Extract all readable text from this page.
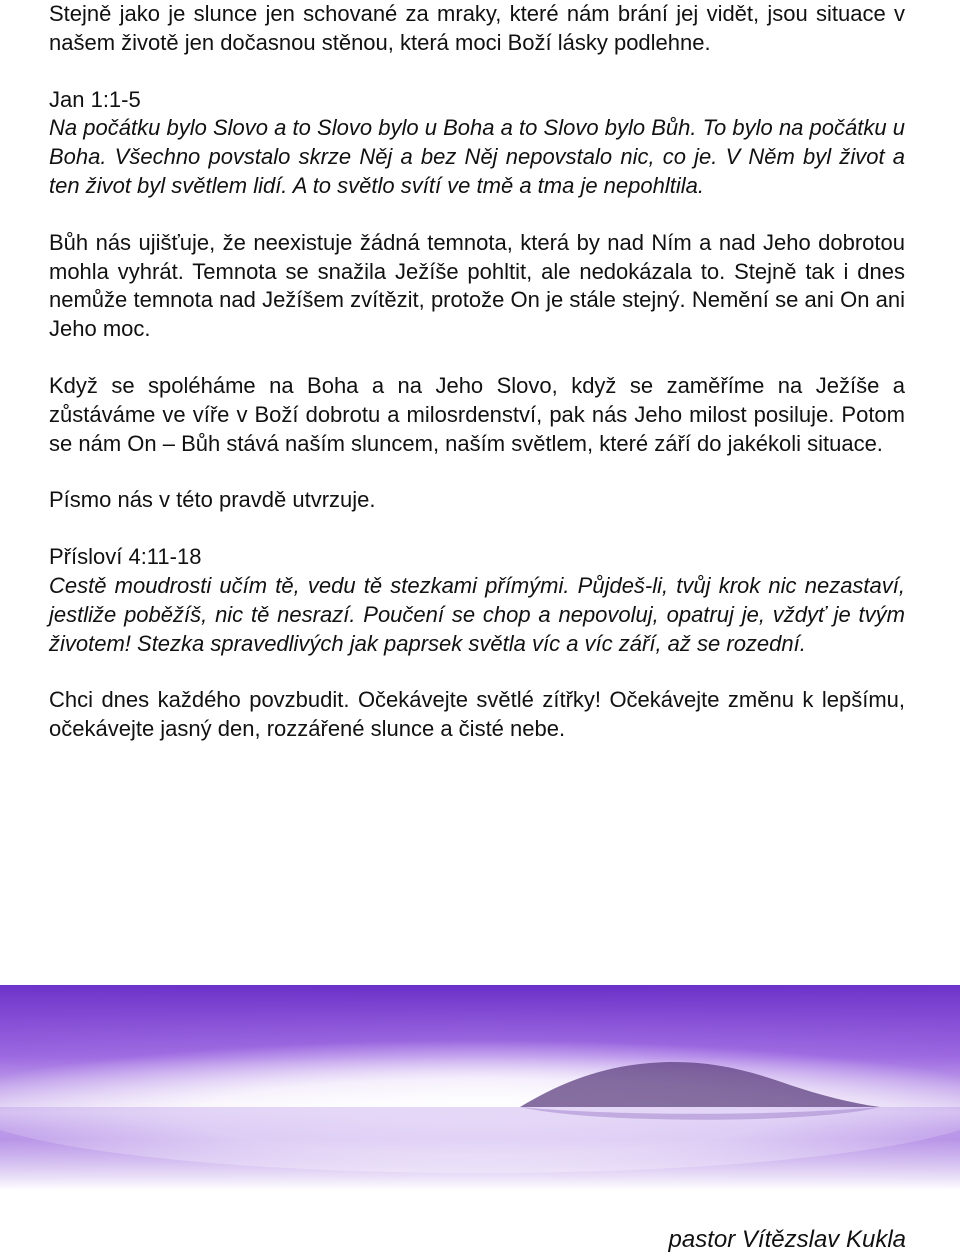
Stejně jako je slunce jen schované za mraky, které nám brání jej vidět, jsou situace v našem životě jen dočasnou stěnou, která moci Boží lásky podlehne.

Jan 1:1-5

Na počátku bylo Slovo a to Slovo bylo u Boha a to Slovo bylo Bůh. To bylo na počátku u Boha. Všechno povstalo skrze Něj a bez Něj nepovstalo nic, co je. V Něm byl život a ten život byl světlem lidí. A to světlo svítí ve tmě a tma je nepohltila.

Bůh nás ujišťuje, že neexistuje žádná temnota, která by nad Ním a nad Jeho dobrotou mohla vyhrát. Temnota se snažila Ježíše pohltit, ale nedokázala to. Stejně tak i dnes nemůže temnota nad Ježíšem zvítězit, protože On je stále stejný. Nemění se ani On ani Jeho moc.

Když se spoléháme na Boha a na Jeho Slovo, když se zaměříme na Ježíše a zůstáváme ve víře v Boží dobrotu a milosrdenství, pak nás Jeho milost posiluje. Potom se nám On – Bůh stává naším sluncem, naším světlem, které září do jakékoli situace.

Písmo nás v této pravdě utvrzuje.

Přísloví 4:11-18

Cestě moudrosti učím tě, vedu tě stezkami přímými. Půjdeš-li, tvůj krok nic nezastaví, jestliže poběžíš, nic tě nesrazí. Poučení se chop a nepovoluj, opatruj je, vždyť je tvým životem! Stezka spravedlivých jak paprsek světla víc a víc září, až se rozední.

Chci dnes každého povzbudit. Očekávejte světlé zítřky! Očekávejte změnu k lepšímu, očekávejte jasný den, rozzářené slunce a čisté nebe.

pastor Vítězslav Kukla
